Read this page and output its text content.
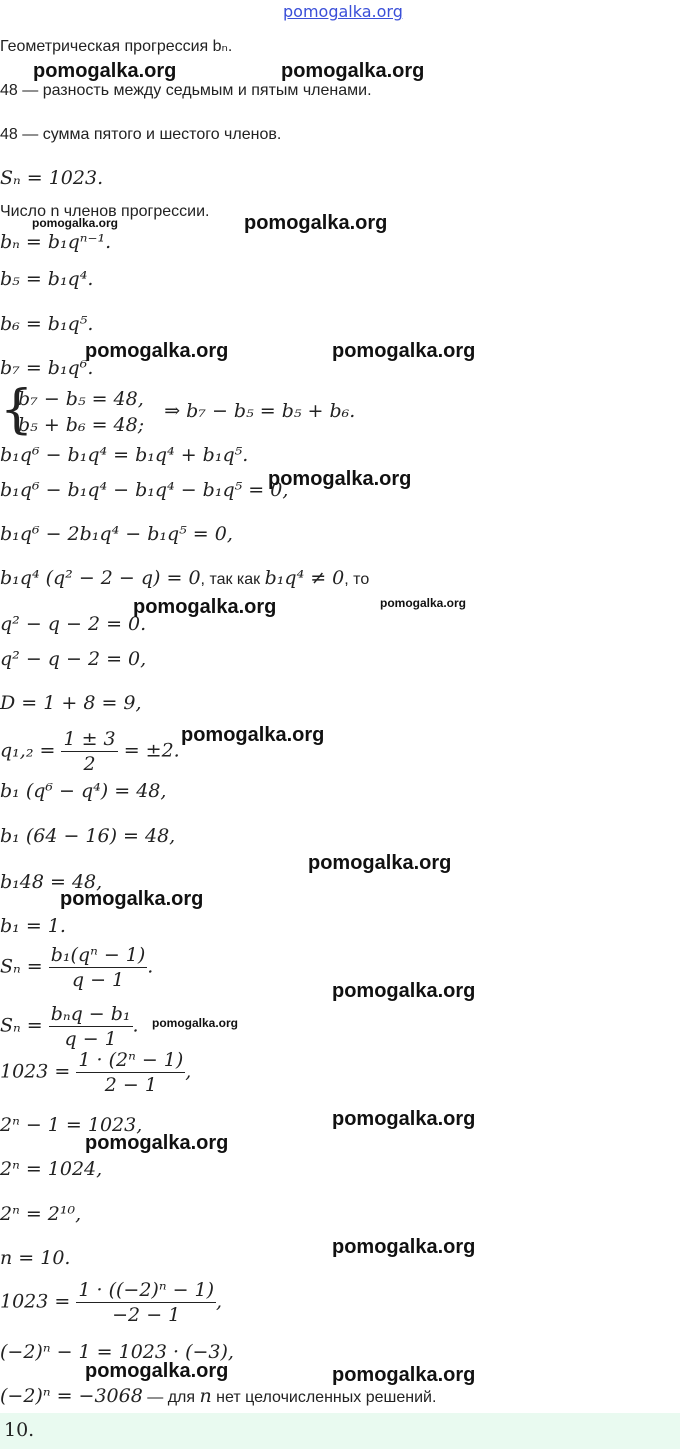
pomogalka.org
Геометрическая прогрессия bₙ.
48 — разность между седьмым и пятым членами.
48 — сумма пятого и шестого членов.
Sₙ = 1023.
Число n членов прогрессии.
bₙ = b₁qⁿ⁻¹.
b₅ = b₁q⁴.
b₆ = b₁q⁵.
b₇ = b₁q⁶.
{
b₇ − b₅ = 48,
b₅ + b₆ = 48;
⇒ b₇ − b₅ = b₅ + b₆.
b₁q⁶ − b₁q⁴ = b₁q⁴ + b₁q⁵.
b₁q⁶ − b₁q⁴ − b₁q⁴ − b₁q⁵ = 0,
b₁q⁶ − 2b₁q⁴ − b₁q⁵ = 0,
b₁q⁴ (q² − 2 − q) = 0, так как b₁q⁴ ≠ 0, то
q² − q − 2 = 0.
q² − q − 2 = 0,
D = 1 + 8 = 9,
$q_1,_2 = \frac{1 \pm 3}{2} = \pm 2$.
b₁ (q⁶ − q⁴) = 48,
b₁ (64 − 16) = 48,
b₁48 = 48,
b₁ = 1.
$S_n = \frac{\text{b₁(qⁿ − 1)}}{q - 1}$ .
$S_n = \frac{\text{bₙq − b₁}}{q - 1}$ .
$1023 = \frac{\text{1 · (2ⁿ − 1)}}{2 - 1}$ ,
2ⁿ − 1 = 1023,
2ⁿ = 1024,
2ⁿ = 2¹⁰,
n = 10.
$1023 = \frac{\text{1 · ((−2)ⁿ − 1)}}{-2 - 1}$ ,
(−2)ⁿ − 1 = 1023 · (−3),
(−2)ⁿ = −3068 — для n нет целочисленных решений.
10.
pomogalka.org	pomogalka.org
pomogalka.org	pomogalka.org
pomogalka.org	pomogalka.org
pomogalka.org
pomogalka.org	pomogalka.org
pomogalka.org
pomogalka.org
pomogalka.org
pomogalka.org
pomogalka.org
pomogalka.org
pomogalka.org
pomogalka.org
pomogalka.org	pomogalka.org
